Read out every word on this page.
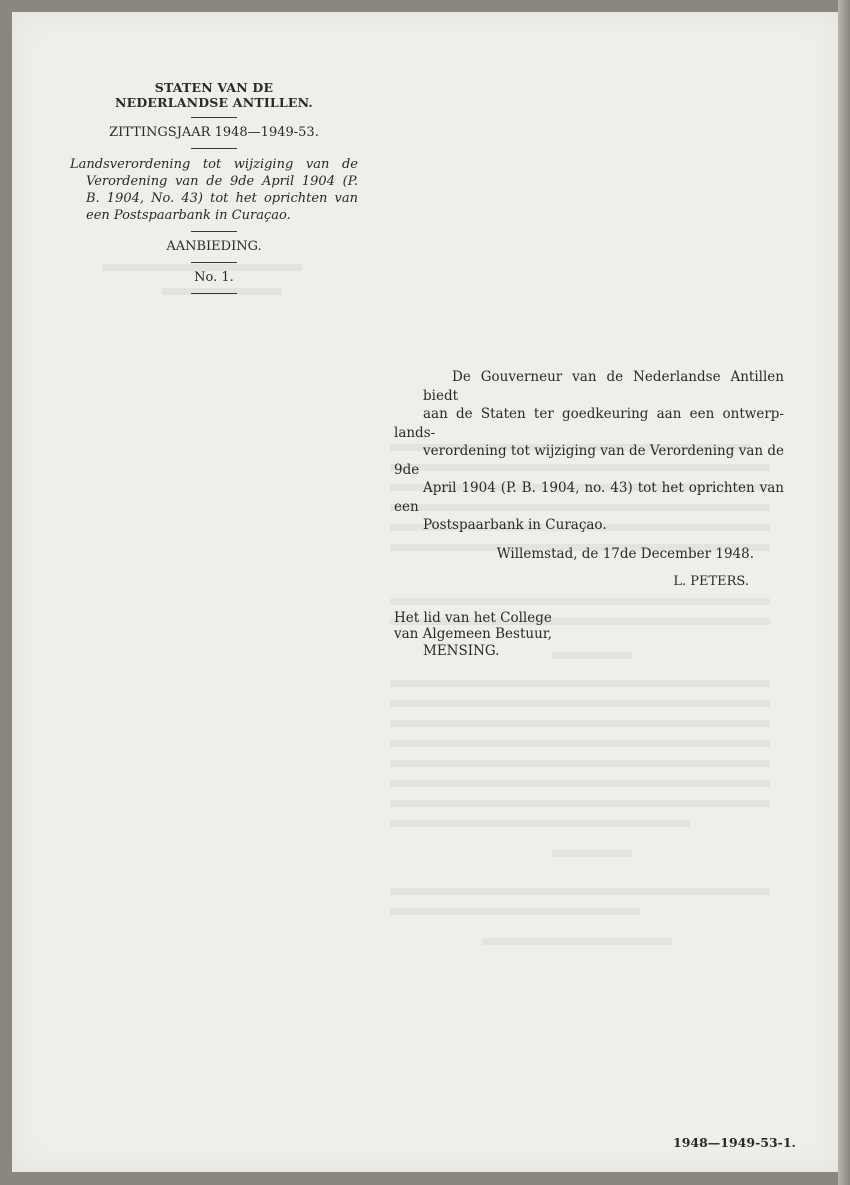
STATEN VAN DE
NEDERLANDSE ANTILLEN.
ZITTINGSJAAR 1948—1949-53.
Landsverordening tot wijziging van de
Verordening van de 9de April 1904 (P.
B. 1904, No. 43) tot het oprichten van
een Postspaarbank in Curaçao.
AANBIEDING.
No. 1.
De Gouverneur van de Nederlandse Antillen biedt
aan de Staten ter goedkeuring aan een ontwerp-lands-
verordening tot wijziging van de Verordening van de 9de
April 1904 (P. B. 1904, no. 43) tot het oprichten van een
Postspaarbank in Curaçao.
Willemstad, de 17de December 1948.
L. PETERS.
Het lid van het College
van Algemeen Bestuur,
MENSING.
1948—1949-53-1.
